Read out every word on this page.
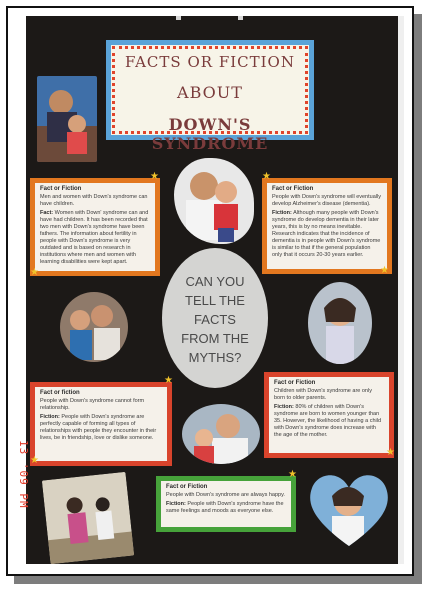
FACTS OR FICTION
ABOUT
DOWN'S SYNDROME
Fact or Fiction
Men and women with Down's syndrome can have children.
Fact: Women with Down' syndrome can and have had children. It has been recorded that two men with Down's syndrome have been fathers. The information about fertility in people with Down's syndrome is very outdated and is based on research in institutions where men and women with learning disabilities were kept apart.
Fact or Fiction
People with Down's syndrome will eventually develop Alzheimer's disease (dementia).
Fiction: Although many people with Down's syndrome do develop dementia in their later years, this is by no means inevitable. Research indicates that the incidence of dementia is in people with Down's syndrome is similar to that if the general population only that it occurs 20-30 years earlier.
Fact or fiction
People with Down's syndrome cannot form relationship.
Fiction: People with Down's syndrome are perfectly capable of forming all types of relationships with people they encounter in their lives, be in friendship, love or dislike someone.
Fact or Fiction
Children with Down's syndrome are only born to older parents.
Fiction: 80% of children with Down's syndrome are born to women younger than 35. However, the likelihood of having a child with Down's syndrome does increase with the age of the mother.
Fact or Fiction
People with Down's syndrome are always happy.
Fiction: People with Down's syndrome have the same feelings and moods as everyone else.
★
★
★
★
★
★
★
★
CAN YOU
TELL THE
FACTS
FROM THE
MYTHS?
13 '09 PM
